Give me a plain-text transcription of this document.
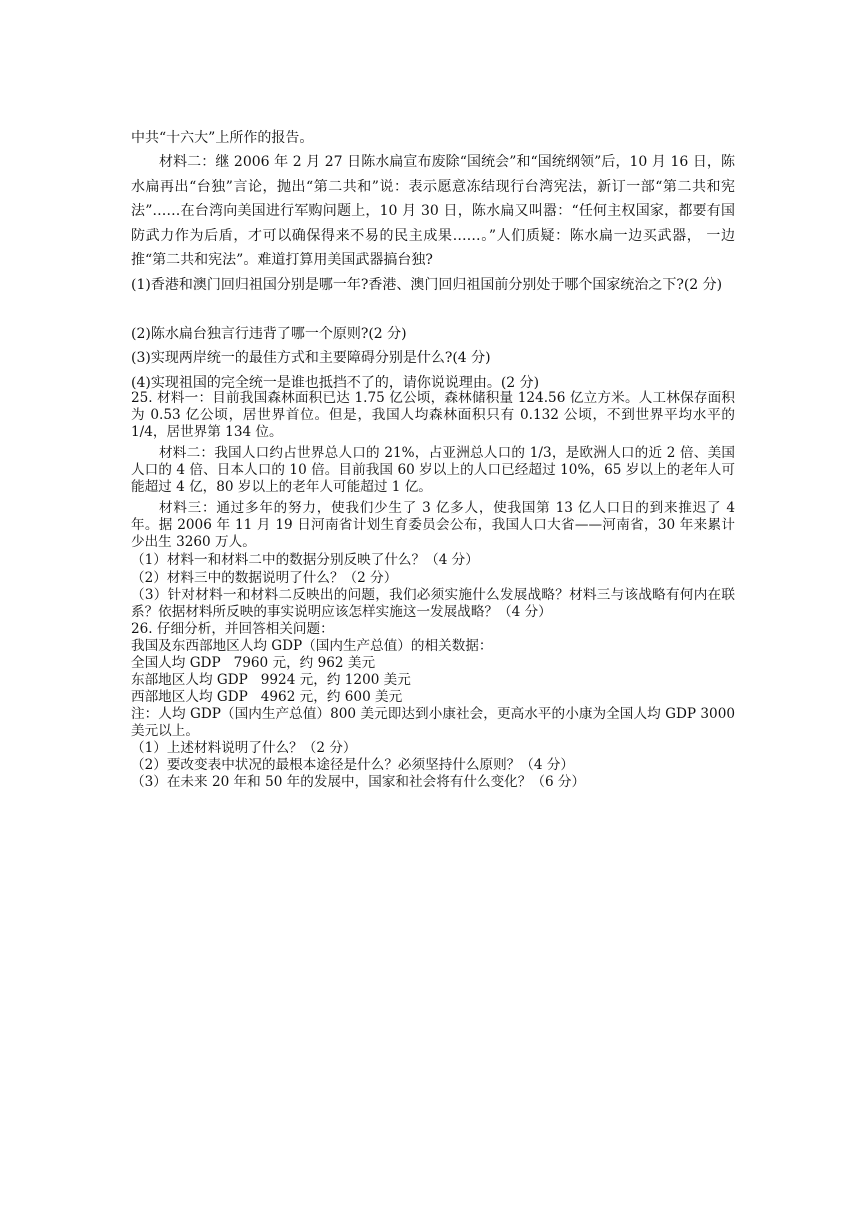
中共“十六大”上所作的报告。

材料二：继 2006 年 2 月 27 日陈水扁宣布废除“国统会”和“国统纲领”后，10 月 16 日，陈水扁再出“台独”言论，抛出“第二共和”说：表示愿意冻结现行台湾宪法，新订一部“第二共和宪法”……在台湾向美国进行军购问题上，10 月 30 日，陈水扁又叫嚣：“任何主权国家，都要有国防武力作为后盾，才可以确保得来不易的民主成果……。”人们质疑：陈水扁一边买武器， 一边推“第二共和宪法”。难道打算用美国武器搞台独?

(1)香港和澳门回归祖国分别是哪一年?香港、澳门回归祖国前分别处于哪个国家统治之下?(2 分)

(2)陈水扁台独言行违背了哪一个原则?(2 分)

(3)实现两岸统一的最佳方式和主要障碍分别是什么?(4 分)

(4)实现祖国的完全统一是谁也抵挡不了的，请你说说理由。(2 分)

25. 材料一：目前我国森林面积已达 1.75 亿公顷，森林储积量 124.56 亿立方米。人工林保存面积为 0.53 亿公顷，居世界首位。但是，我国人均森林面积只有 0.132 公顷，不到世界平均水平的 1/4，居世界第 134 位。

材料二：我国人口约占世界总人口的 21%，占亚洲总人口的 1/3，是欧洲人口的近 2 倍、美国人口的 4 倍、日本人口的 10 倍。目前我国 60 岁以上的人口已经超过 10%，65 岁以上的老年人可能超过 4 亿，80 岁以上的老年人可能超过 1 亿。

材料三：通过多年的努力，使我们少生了 3 亿多人，使我国第 13 亿人口日的到来推迟了 4 年。据 2006 年 11 月 19 日河南省计划生育委员会公布，我国人口大省——河南省，30 年来累计少出生 3260 万人。

（1）材料一和材料二中的数据分别反映了什么？（4 分）

（2）材料三中的数据说明了什么？（2 分）

（3）针对材料一和材料二反映出的问题，我们必须实施什么发展战略？材料三与该战略有何内在联系？依据材料所反映的事实说明应该怎样实施这一发展战略？（4 分）

26. 仔细分析，并回答相关问题：

我国及东西部地区人均 GDP（国内生产总值）的相关数据：

全国人均 GDP   7960 元，约 962 美元
东部地区人均 GDP   9924 元，约 1200 美元
西部地区人均 GDP   4962 元，约 600 美元

注：人均 GDP（国内生产总值）800 美元即达到小康社会，更高水平的小康为全国人均 GDP 3000 美元以上。

（1）上述材料说明了什么？（2 分）

（2）要改变表中状况的最根本途径是什么？必须坚持什么原则？（4 分）

（3）在未来 20 年和 50 年的发展中，国家和社会将有什么变化？（6 分）
